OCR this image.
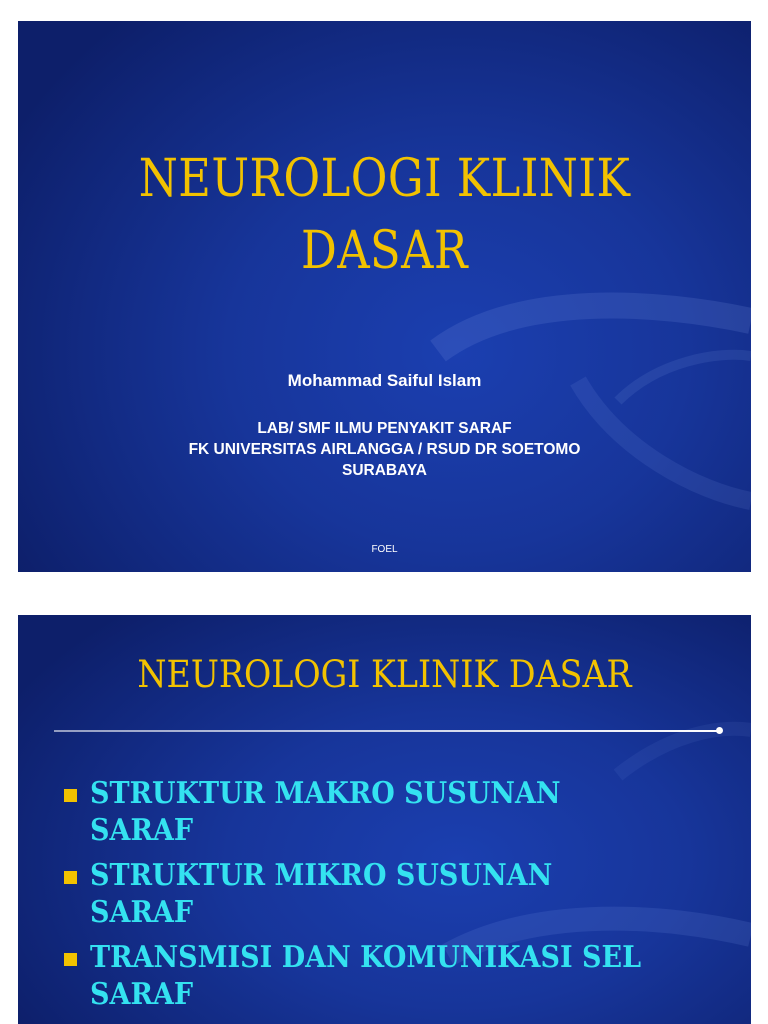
NEUROLOGI KLINIK
DASAR
Mohammad Saiful Islam
LAB/ SMF ILMU PENYAKIT SARAF
FK UNIVERSITAS AIRLANGGA / RSUD DR SOETOMO
SURABAYA
FOEL
NEUROLOGI KLINIK DASAR
STRUKTUR MAKRO SUSUNAN SARAF
STRUKTUR MIKRO SUSUNAN SARAF
TRANSMISI DAN KOMUNIKASI SEL SARAF
